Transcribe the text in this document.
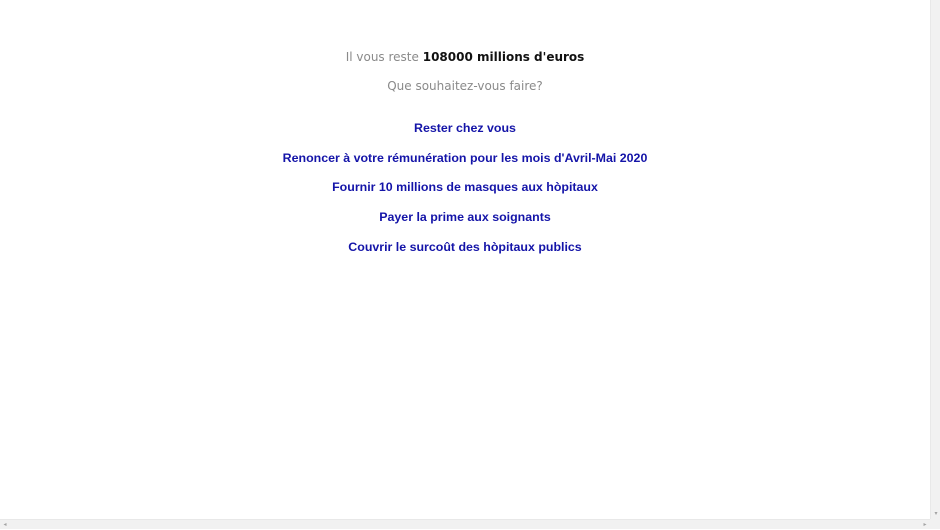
Il vous reste 108000 millions d'euros
Que souhaitez-vous faire?
Rester chez vous
Renoncer à votre rémunération pour les mois d'Avril-Mai 2020
Fournir 10 millions de masques aux hòpitaux
Payer la prime aux soignants
Couvrir le surcoût des hòpitaux publics
▾
◂	▸
